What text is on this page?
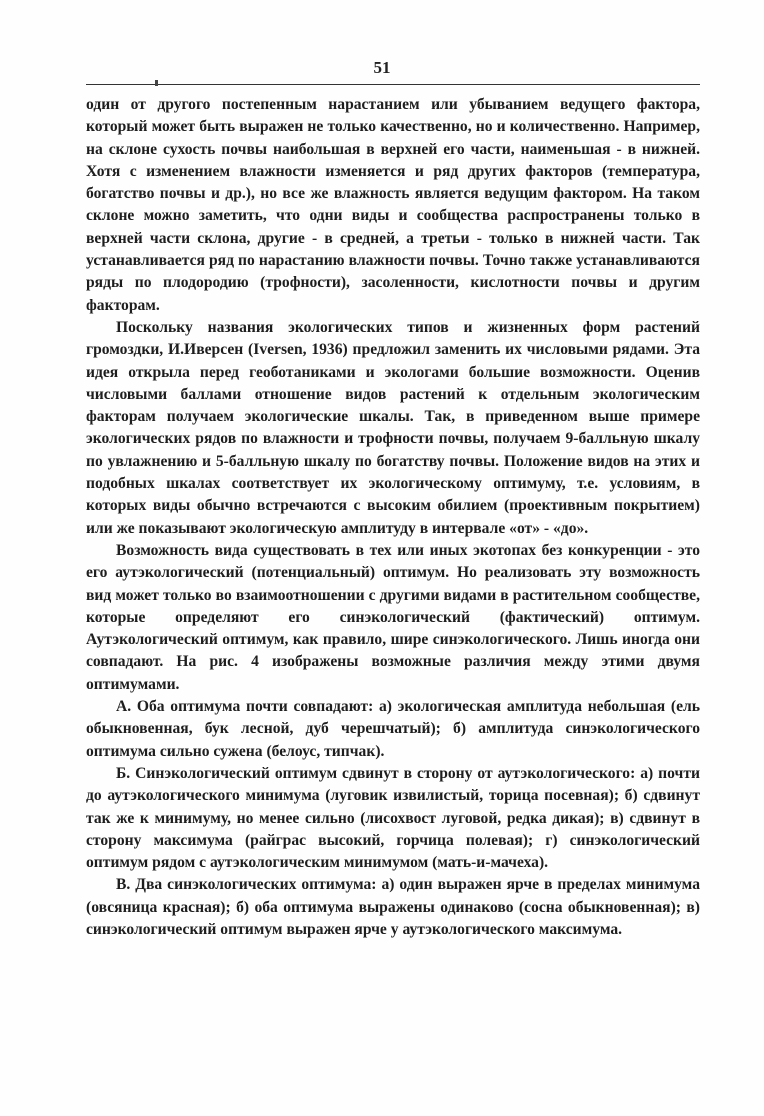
51

один от другого постепенным нарастанием или убыванием ведущего фактора, который может быть выражен не только качественно, но и количественно. Например, на склоне сухость почвы наибольшая в верхней его части, наименьшая - в нижней. Хотя с изменением влажности изменяется и ряд других факторов (температура, богатство почвы и др.), но все же влажность является ведущим фактором. На таком склоне можно заметить, что одни виды и сообщества распространены только в верхней части склона, другие - в средней, а третьи - только в нижней части. Так устанавливается ряд по нарастанию влажности почвы. Точно также устанавливаются ряды по плодородию (трофности), засоленности, кислотности почвы и другим факторам.

Поскольку названия экологических типов и жизненных форм растений громоздки, И.Иверсен (Iversen, 1936) предложил заменить их числовыми рядами. Эта идея открыла перед геоботаниками и экологами большие возможности. Оценив числовыми баллами отношение видов растений к отдельным экологическим факторам получаем экологические шкалы. Так, в приведенном выше примере экологических рядов по влажности и трофности почвы, получаем 9-балльную шкалу по увлажнению и 5-балльную шкалу по богатству почвы. Положение видов на этих и подобных шкалах соответствует их экологическому оптимуму, т.е. условиям, в которых виды обычно встречаются с высоким обилием (проективным покрытием) или же показывают экологическую амплитуду в интервале «от» - «до».

Возможность вида существовать в тех или иных экотопах без конкуренции - это его аутэкологический (потенциальный) оптимум. Но реализовать эту возможность вид может только во взаимоотношении с другими видами в растительном сообществе, которые определяют его синэкологический (фактический) оптимум. Аутэкологический оптимум, как правило, шире синэкологического. Лишь иногда они совпадают. На рис. 4 изображены возможные различия между этими двумя оптимумами.

А. Оба оптимума почти совпадают: а) экологическая амплитуда небольшая (ель обыкновенная, бук лесной, дуб черешчатый); б) амплитуда синэкологического оптимума сильно сужена (белоус, типчак).

Б. Синэкологический оптимум сдвинут в сторону от аутэкологического: а) почти до аутэкологического минимума (луговик извилистый, торица посевная); б) сдвинут так же к минимуму, но менее сильно (лисохвост луговой, редка дикая); в) сдвинут в сторону максимума (райграс высокий, горчица полевая); г) синэкологический оптимум рядом с аутэкологическим минимумом (мать-и-мачеха).

В. Два синэкологических оптимума: а) один выражен ярче в пределах минимума (овсяница красная); б) оба оптимума выражены одинаково (сосна обыкновенная); в) синэкологический оптимум выражен ярче у аутэкологического максимума.
